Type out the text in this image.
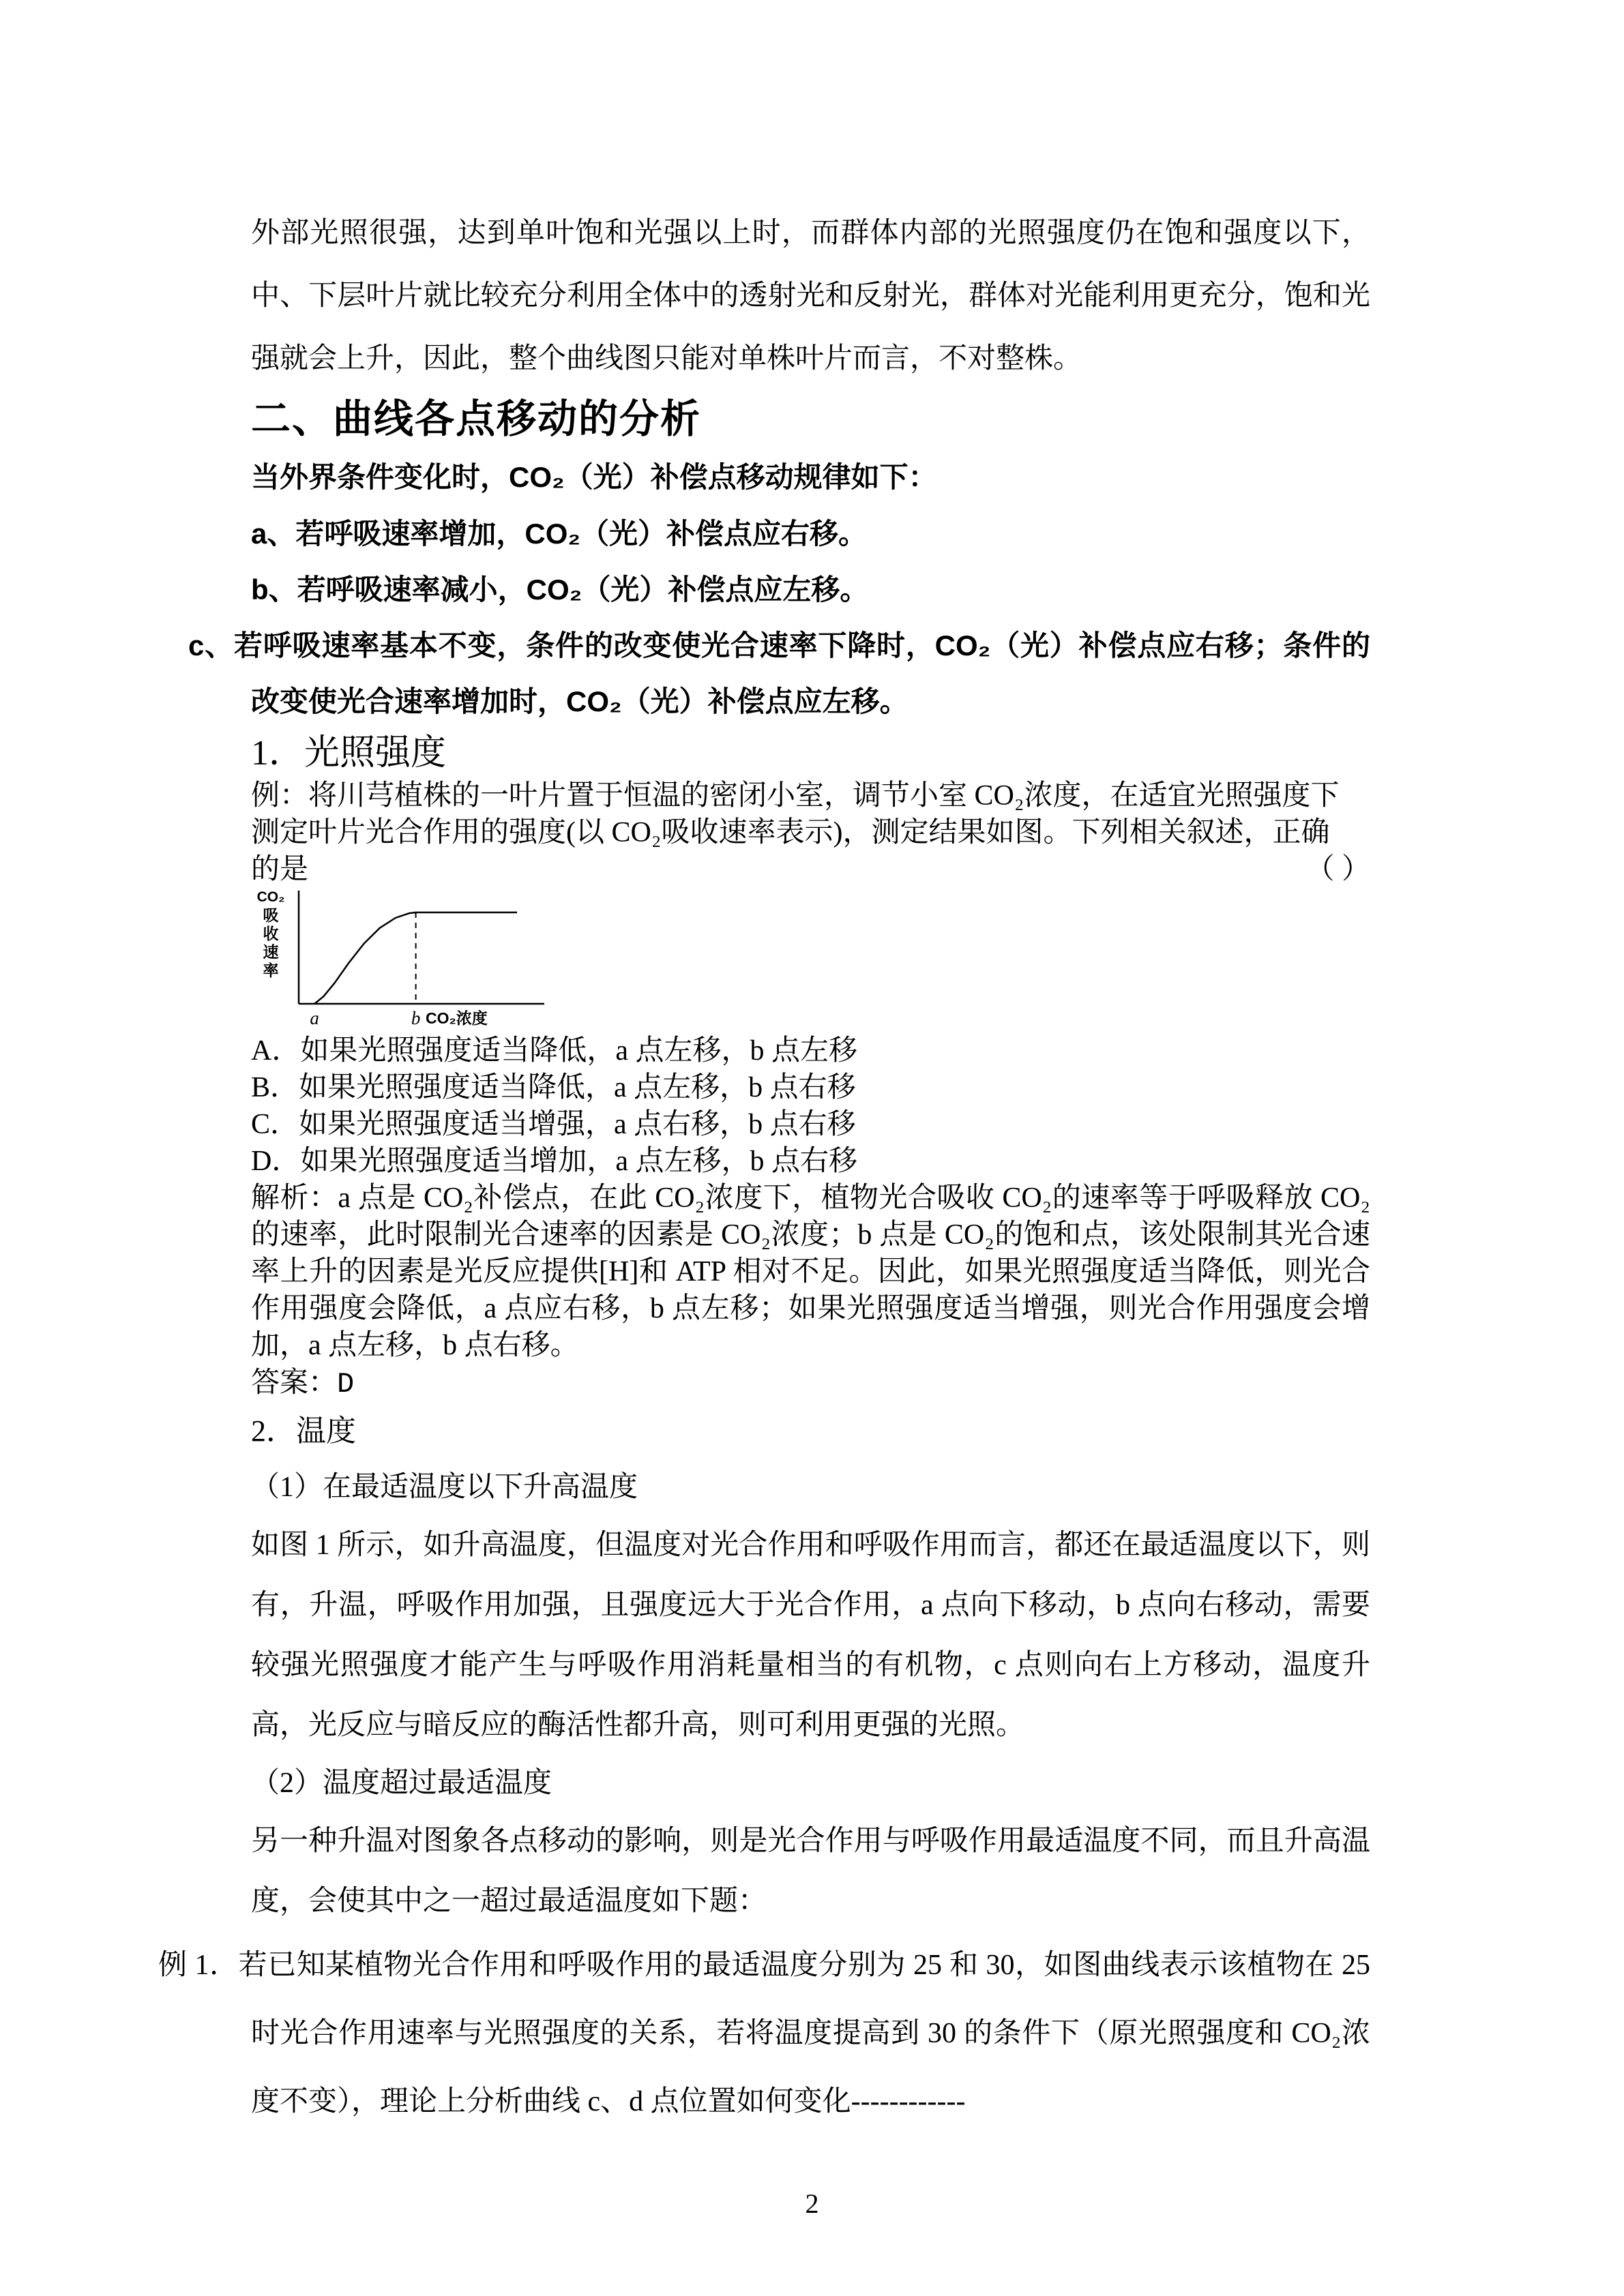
外部光照很强，达到单叶饱和光强以上时，而群体内部的光照强度仍在饱和强度以下，中、下层叶片就比较充分利用全体中的透射光和反射光，群体对光能利用更充分，饱和光强就会上升，因此，整个曲线图只能对单株叶片而言，不对整株。

二、曲线各点移动的分析

当外界条件变化时，CO₂（光）补偿点移动规律如下：

a、若呼吸速率增加，CO₂（光）补偿点应右移。

b、若呼吸速率减小，CO₂（光）补偿点应左移。

c、若呼吸速率基本不变，条件的改变使光合速率下降时，CO₂（光）补偿点应右移；条件的改变使光合速率增加时，CO₂（光）补偿点应左移。

1．光照强度
例：将川芎植株的一叶片置于恒温的密闭小室，调节小室 CO₂浓度，在适宜光照强度下
测定叶片光合作用的强度(以 CO₂吸收速率表示)，测定结果如图。下列相关叙述，正确
的是	（ ）
CO₂
吸
收
速
率
a	b CO₂浓度
A．如果光照强度适当降低，a 点左移，b 点左移
B．如果光照强度适当降低，a 点左移，b 点右移
C．如果光照强度适当增强，a 点右移，b 点右移
D．如果光照强度适当增加，a 点左移，b 点右移

解析：a 点是 CO₂补偿点，在此 CO₂浓度下，植物光合吸收 CO₂的速率等于呼吸释放 CO₂的速率，此时限制光合速率的因素是 CO₂浓度；b 点是 CO₂的饱和点，该处限制其光合速率上升的因素是光反应提供[H]和 ATP 相对不足。因此，如果光照强度适当降低，则光合作用强度会降低，a 点应右移，b 点左移；如果光照强度适当增强，则光合作用强度会增加，a 点左移，b 点右移。

答案：D

2．温度

（1）在最适温度以下升高温度

如图 1 所示，如升高温度，但温度对光合作用和呼吸作用而言，都还在最适温度以下，则有，升温，呼吸作用加强，且强度远大于光合作用，a 点向下移动，b 点向右移动，需要较强光照强度才能产生与呼吸作用消耗量相当的有机物，c 点则向右上方移动，温度升高，光反应与暗反应的酶活性都升高，则可利用更强的光照。

（2）温度超过最适温度

另一种升温对图象各点移动的影响，则是光合作用与呼吸作用最适温度不同，而且升高温度，会使其中之一超过最适温度如下题：

例 1．若已知某植物光合作用和呼吸作用的最适温度分别为 25 和 30，如图曲线表示该植物在 25 时光合作用速率与光照强度的关系，若将温度提高到 30 的条件下（原光照强度和 CO₂浓度不变），理论上分析曲线 c、d 点位置如何变化------------

2
